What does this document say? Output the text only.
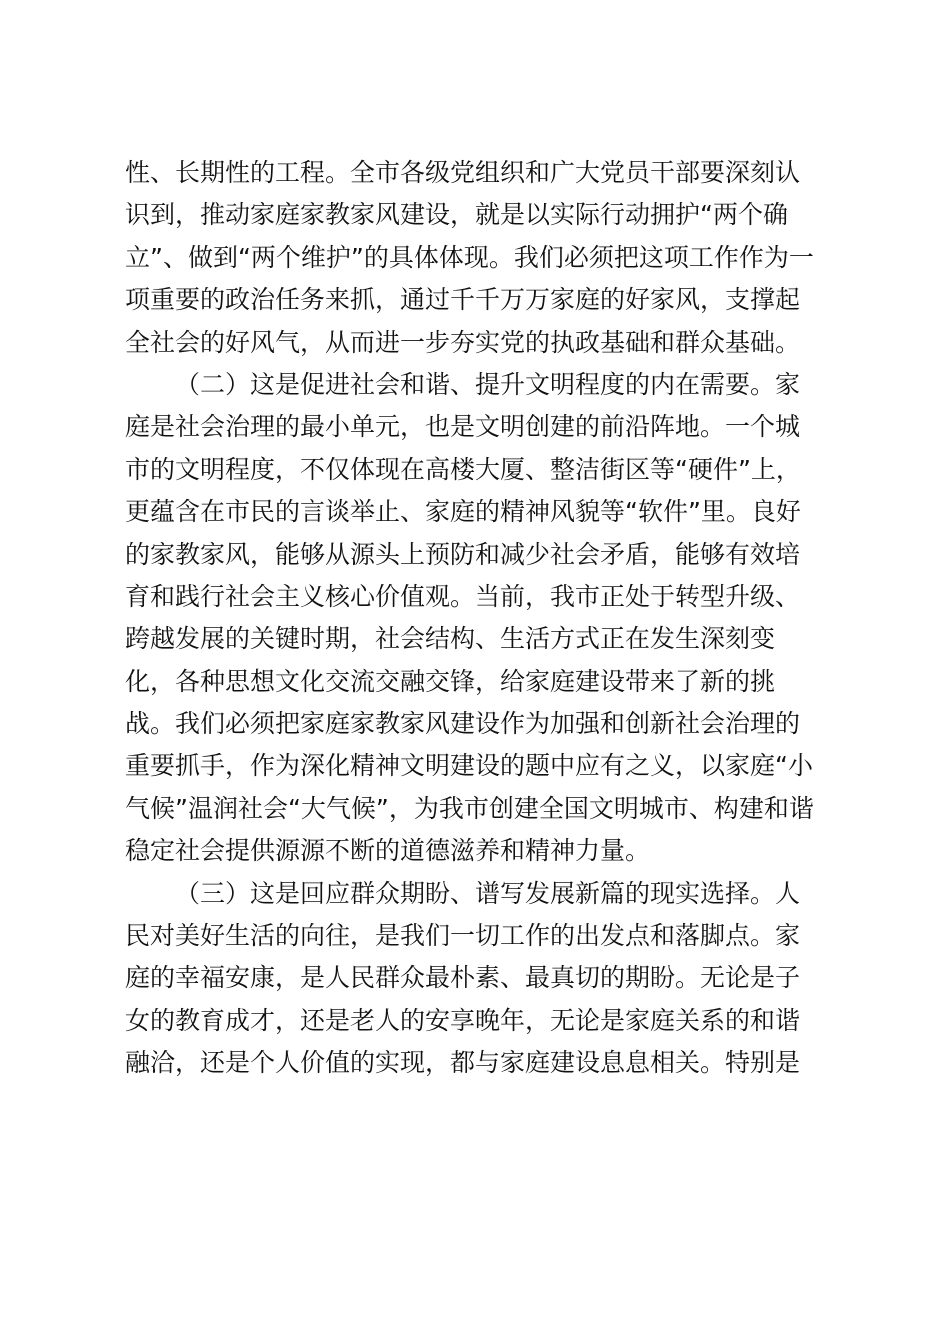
性、长期性的工程。全市各级党组织和广大党员干部要深刻认
识到，推动家庭家教家风建设，就是以实际行动拥护“两个确
立”、做到“两个维护”的具体体现。我们必须把这项工作作为一
项重要的政治任务来抓，通过千千万万家庭的好家风，支撑起
全社会的好风气，从而进一步夯实党的执政基础和群众基础。
（二）这是促进社会和谐、提升文明程度的内在需要。家
庭是社会治理的最小单元，也是文明创建的前沿阵地。一个城
市的文明程度，不仅体现在高楼大厦、整洁街区等“硬件”上，
更蕴含在市民的言谈举止、家庭的精神风貌等“软件”里。良好
的家教家风，能够从源头上预防和减少社会矛盾，能够有效培
育和践行社会主义核心价值观。当前，我市正处于转型升级、
跨越发展的关键时期，社会结构、生活方式正在发生深刻变
化，各种思想文化交流交融交锋，给家庭建设带来了新的挑
战。我们必须把家庭家教家风建设作为加强和创新社会治理的
重要抓手，作为深化精神文明建设的题中应有之义，以家庭“小
气候”温润社会“大气候”，为我市创建全国文明城市、构建和谐
稳定社会提供源源不断的道德滋养和精神力量。
（三）这是回应群众期盼、谱写发展新篇的现实选择。人
民对美好生活的向往，是我们一切工作的出发点和落脚点。家
庭的幸福安康，是人民群众最朴素、最真切的期盼。无论是子
女的教育成才，还是老人的安享晚年，无论是家庭关系的和谐
融洽，还是个人价值的实现，都与家庭建设息息相关。特别是
